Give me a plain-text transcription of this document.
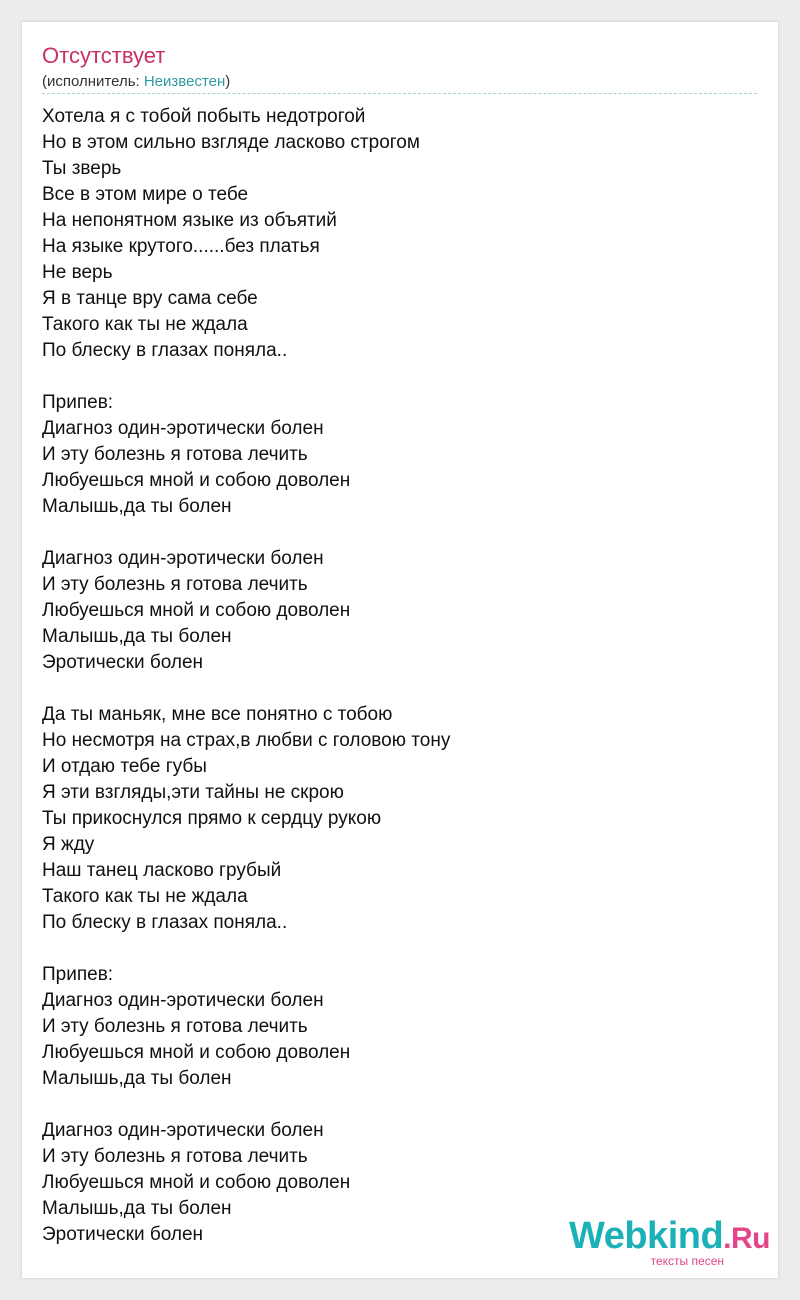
Отсутствует
(исполнитель: Неизвестен)
Хотела я с тобой побыть недотрогой
Но в этом сильно взгляде ласково строгом
Ты зверь
Все в этом мире о тебе
На непонятном языке из объятий
На языке крутого......без платья
Не верь
Я в танце вру сама себе
Такого как ты не ждала
По блеску в глазах поняла..
Припев:
Диагноз один-эротически болен
И эту болезнь я готова лечить
Любуешься мной и собою доволен
Малышь,да ты болен
Диагноз один-эротически болен
И эту болезнь я готова лечить
Любуешься мной и собою доволен
Малышь,да ты болен
Эротически болен
Да ты маньяк, мне все понятно с тобою
Но несмотря на страх,в любви с головою тону
И отдаю тебе губы
Я эти взгляды,эти тайны не скрою
Ты прикоснулся прямо к сердцу рукою
Я жду
Наш танец ласково грубый
Такого как ты не ждала
По блеску в глазах поняла..
Припев:
Диагноз один-эротически болен
И эту болезнь я готова лечить
Любуешься мной и собою доволен
Малышь,да ты болен
Диагноз один-эротически болен
И эту болезнь я готова лечить
Любуешься мной и собою доволен
Малышь,да ты болен
Эротически болен	Webkind.Ru
тексты песен
